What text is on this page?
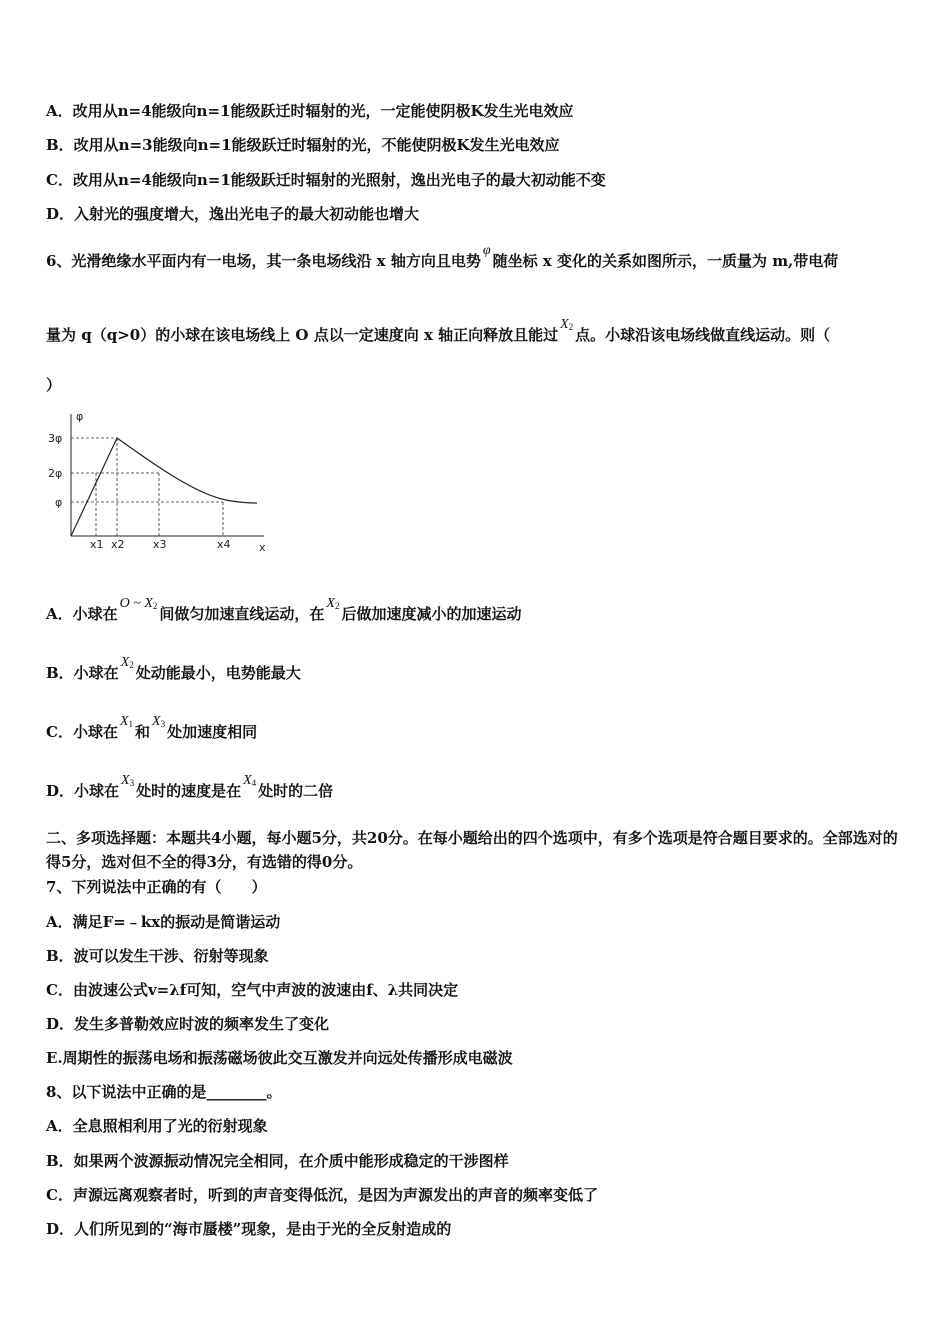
A．改用从n=4能级向n=1能级跃迁时辐射的光，一定能使阴极K发生光电效应
B．改用从n=3能级向n=1能级跃迁时辐射的光，不能使阴极K发生光电效应
C．改用从n=4能级向n=1能级跃迁时辐射的光照射，逸出光电子的最大初动能不变
D．入射光的强度增大，逸出光电子的最大初动能也增大
6、光滑绝缘水平面内有一电场，其一条电场线沿 x 轴方向且电势φ随坐标 x 变化的关系如图所示，一质量为 m,带电荷
量为 q（q>0）的小球在该电场线上 O 点以一定速度向 x 轴正向释放且能过$X_2$ 点。小球沿该电场线做直线运动。则（
）
φ
x
3φ
2φ
φ
x1 x2	x3	x4
A．小球在O ~ $X_2$ 间做匀加速直线运动，在$X_2$ 后做加速度减小的加速运动
B．小球在$X_2$ 处动能最小，电势能最大
C．小球在$X_1$ 和$X_3$ 处加速度相同
D．小球在$X_3$ 处时的速度是在$X_4$ 处时的二倍
二、多项选择题：本题共4小题，每小题5分，共20分。在每小题给出的四个选项中，有多个选项是符合题目要求的。全部选对的得5分，选对但不全的得3分，有选错的得0分。
7、下列说法中正确的有（　　）
A．满足F=﹣kx的振动是简谐运动
B．波可以发生干涉、衍射等现象
C．由波速公式v=λf可知，空气中声波的波速由f、λ共同决定
D．发生多普勒效应时波的频率发生了变化
E.周期性的振荡电场和振荡磁场彼此交互激发并向远处传播形成电磁波
8、以下说法中正确的是________。
A．全息照相利用了光的衍射现象
B．如果两个波源振动情况完全相同，在介质中能形成稳定的干涉图样
C．声源远离观察者时，听到的声音变得低沉，是因为声源发出的声音的频率变低了
D．人们所见到的“海市蜃楼”现象，是由于光的全反射造成的
